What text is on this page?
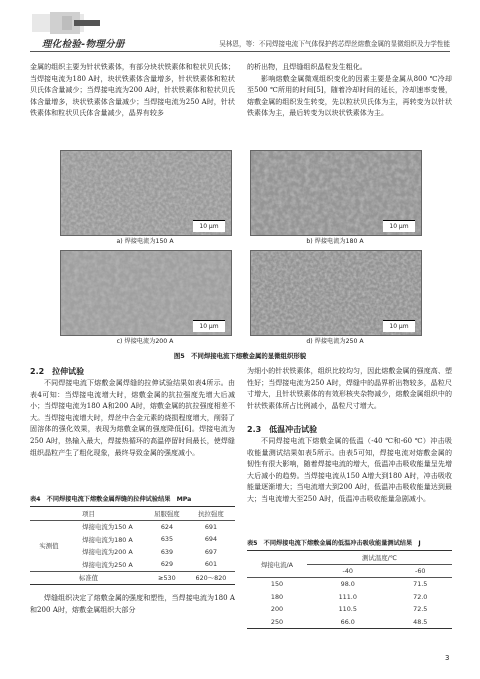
理化检验-物理分册	吴林恩，等：不同焊接电流下气体保护药芯焊丝熔敷金属的显微组织及力学性能

金属的组织主要为针状铁素体，有部分块状铁素体和粒状贝氏体；当焊接电流为180 A时，块状铁素体含量增多，针状铁素体和粒状贝氏体含量减少；当焊接电流为200 A时，针状铁素体和粒状贝氏体含量增多，块状铁素体含量减少；当焊接电流为250 A时，针状铁素体和粒状贝氏体含量减少，晶界有较多

的析出物，且焊缝组织晶粒发生粗化。

影响熔敷金属微观组织变化的因素主要是金属从800 ℃冷却至500 ℃所用的时间[5]，随着冷却时间的延长，冷却速率变慢，熔敷金属的组织发生转变，先以粒状贝氏体为主，再转变为以针状铁素体为主，最后转变为以块状铁素体为主。

10 μm	10 μm
a) 焊接电流为150 A	b) 焊接电流为180 A
10 μm	10 μm
c) 焊接电流为200 A	d) 焊接电流为250 A
图5　不同焊接电流下熔敷金属的显微组织形貌
2.2　拉伸试验

不同焊接电流下熔敷金属焊缝的拉伸试验结果如表4所示。由表4可知：当焊接电流增大时，熔敷金属的抗拉强度先增大后减小；当焊接电流为180 A和200 A时，熔敷金属的抗拉强度相差不大。当焊接电流增大时，焊丝中合金元素的烧损程度增大，削弱了固溶体的强化效果，表现为熔敷金属的强度降低[6]。焊接电流为250 A时，热输入最大，焊接热循环的高温停留时间最长，使焊缝组织晶粒产生了粗化现象，最终导致金属的强度减小。

表4　不同焊接电流下熔敷金属焊缝的拉伸试验结果　MPa
项目		屈服强度	抗拉强度
实测值	焊接电流为150 A	624	691
	焊接电流为180 A	635	694
	焊接电流为200 A	639	697
	焊接电流为250 A	629	601
标准值		≥530	620～820

焊缝组织决定了熔敷金属的强度和塑性，当焊接电流为180 A和200 A时，熔敷金属组织大部分

为细小的针状铁素体，组织比较均匀，因此熔敷金属的强度高、塑性好；当焊接电流为250 A时，焊缝中的晶界析出物较多，晶粒尺寸增大，且针状铁素体的有效形核夹杂物减少，熔敷金属组织中的针状铁素体所占比例减小，晶粒尺寸增大。

2.3　低温冲击试验

不同焊接电流下熔敷金属的低温（-40 ℃和-60 ℃）冲击吸收能量测试结果如表5所示。由表5可知，焊接电流对熔敷金属的韧性有很大影响，随着焊接电流的增大，低温冲击吸收能量呈先增大后减小的趋势。当焊接电流从150 A增大到180 A时，冲击吸收能量逐渐增大；当电流增大到200 A时，低温冲击吸收能量达到最大；当电流增大至250 A时，低温冲击吸收能量急剧减小。

表5　不同焊接电流下熔敷金属的低温冲击吸收能量测试结果　J
焊接电流/A	测试温度/℃	
	-40	-60
150	98.0	71.5
180	111.0	72.0
200	110.5	72.5
250	66.0	48.5
3
